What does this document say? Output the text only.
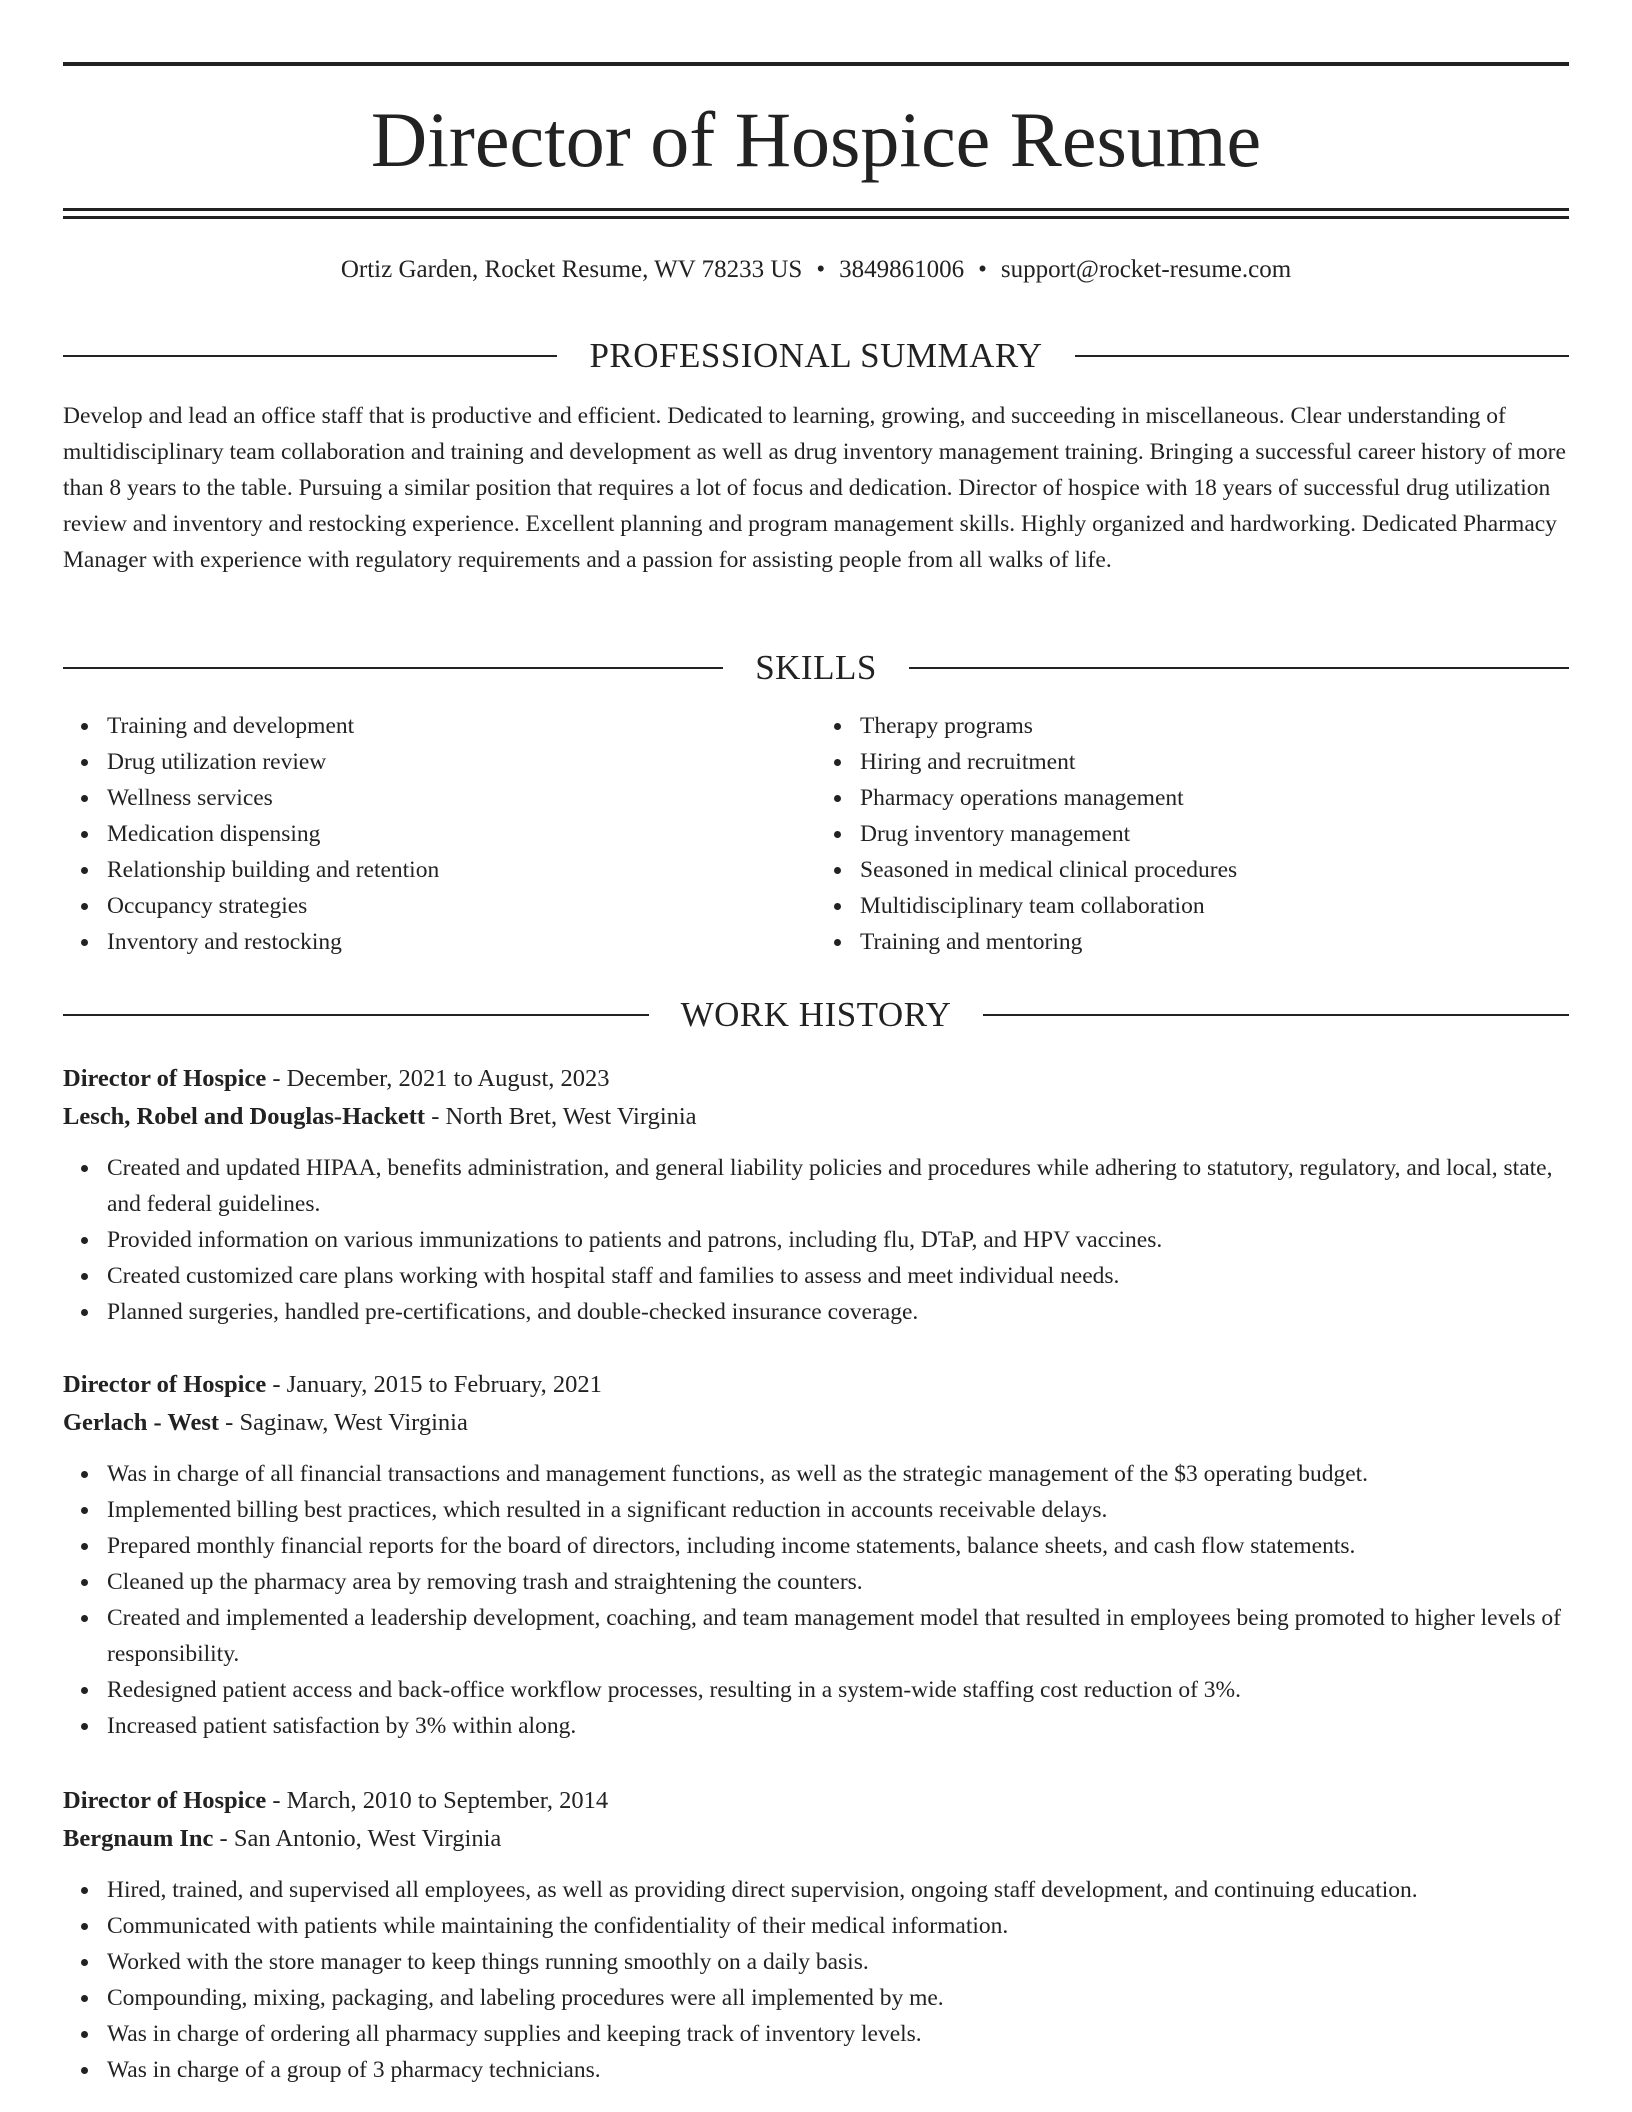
Director of Hospice Resume
Ortiz Garden, Rocket Resume, WV 78233 US • 3849861006 • support@rocket-resume.com
PROFESSIONAL SUMMARY

Develop and lead an office staff that is productive and efficient. Dedicated to learning, growing, and succeeding in miscellaneous. Clear understanding of multidisciplinary team collaboration and training and development as well as drug inventory management training. Bringing a successful career history of more than 8 years to the table. Pursuing a similar position that requires a lot of focus and dedication. Director of hospice with 18 years of successful drug utilization review and inventory and restocking experience. Excellent planning and program management skills. Highly organized and hardworking. Dedicated Pharmacy Manager with experience with regulatory requirements and a passion for assisting people from all walks of life.

SKILLS
Training and development
Drug utilization review
Wellness services
Medication dispensing
Relationship building and retention
Occupancy strategies
Inventory and restocking
Therapy programs
Hiring and recruitment
Pharmacy operations management
Drug inventory management
Seasoned in medical clinical procedures
Multidisciplinary team collaboration
Training and mentoring
WORK HISTORY
Director of Hospice - December, 2021 to August, 2023
Lesch, Robel and Douglas-Hackett - North Bret, West Virginia
Created and updated HIPAA, benefits administration, and general liability policies and procedures while adhering to statutory, regulatory, and local, state, and federal guidelines.
Provided information on various immunizations to patients and patrons, including flu, DTaP, and HPV vaccines.
Created customized care plans working with hospital staff and families to assess and meet individual needs.
Planned surgeries, handled pre-certifications, and double-checked insurance coverage.
Director of Hospice - January, 2015 to February, 2021
Gerlach - West - Saginaw, West Virginia
Was in charge of all financial transactions and management functions, as well as the strategic management of the $3 operating budget.
Implemented billing best practices, which resulted in a significant reduction in accounts receivable delays.
Prepared monthly financial reports for the board of directors, including income statements, balance sheets, and cash flow statements.
Cleaned up the pharmacy area by removing trash and straightening the counters.
Created and implemented a leadership development, coaching, and team management model that resulted in employees being promoted to higher levels of responsibility.
Redesigned patient access and back-office workflow processes, resulting in a system-wide staffing cost reduction of 3%.
Increased patient satisfaction by 3% within along.
Director of Hospice - March, 2010 to September, 2014
Bergnaum Inc - San Antonio, West Virginia
Hired, trained, and supervised all employees, as well as providing direct supervision, ongoing staff development, and continuing education.
Communicated with patients while maintaining the confidentiality of their medical information.
Worked with the store manager to keep things running smoothly on a daily basis.
Compounding, mixing, packaging, and labeling procedures were all implemented by me.
Was in charge of ordering all pharmacy supplies and keeping track of inventory levels.
Was in charge of a group of 3 pharmacy technicians.
